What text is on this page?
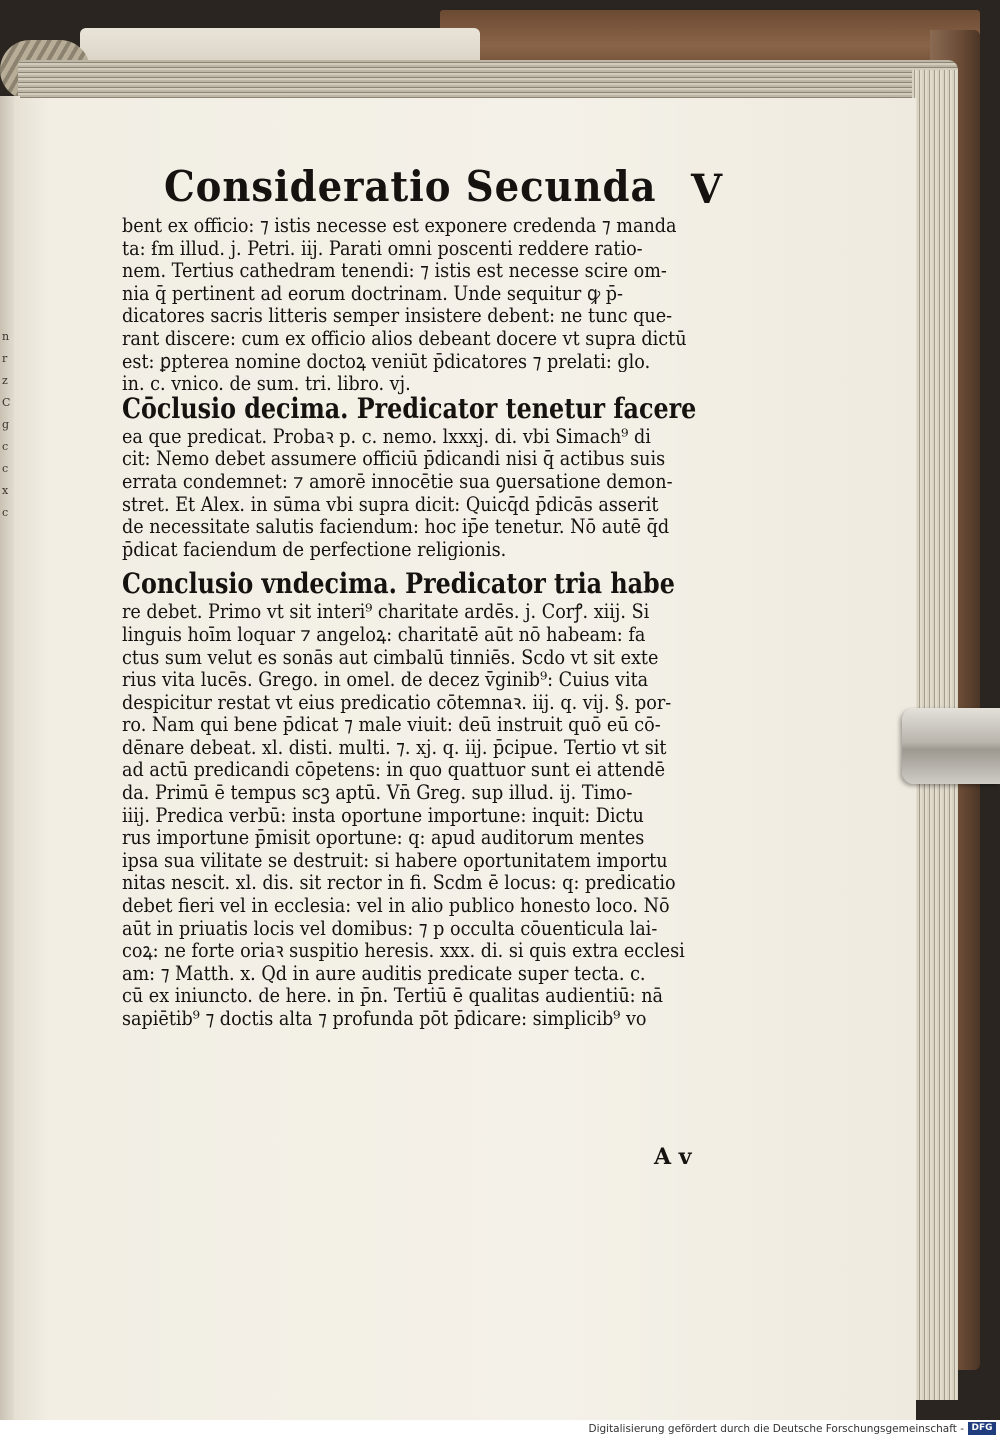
n
r
z
C
g
c
c
x
c
Consideratio Secunda V
bent ex officio: ⁊ istis necesse est exponere credenda ⁊ manda
ta: ẜm illud. j. Petri. iij. Parati omni poscenti reddere ratio-
nem. Tertius cathedram tenendi: ⁊ istis est necesse scire om-
nia q̄ pertinent ad eorum doctrinam. Unde sequitur ꝙ p̄-
dicatores sacris litteris semper insistere debent: ne tunc que-
rant discere: cum ex officio alios debeant docere vt supra dictū
est: ꝑpterea nomine doctoꝝ veniūt p̄dicatores ⁊ prelati: glo.
in. c. vnico. de sum. tri. libro. vj.
Cōclusio decima. Predicator tenetur facere
ea que predicat. Probaꝛ p. c. nemo. lxxxj. di. vbi Simach⁹ di
cit: Nemo debet assumere officiū p̄dicandi nisi q̄ actibus suis
errata condemnet: ⁊ amorē innocētie sua ꝯuersatione demon-
stret. Et Alex. in sūma vbi supra dicit: Quicq̄d p̄dicās asserit
de necessitate salutis faciendum: hoc ip̄e tenetur. Nō autē q̄d
p̄dicat faciendum de perfectione religionis.
Conclusio vndecima. Predicator tria habe
re debet. Primo vt sit interi⁹ charitate ardēs. j. Corꝭ. xiij. Si
linguis hoīm loquar ⁊ angeloꝝ: charitatē aūt nō habeam: fa
ctus sum velut es sonās aut cimbalū tinniēs. Scd̄o vt sit exte
rius vita lucēs. Grego. in omel. de decez v̄ginib⁹: Cuius vita
despicitur restat vt eius predicatio cōtemnaꝛ. iij. q. vij. §. por-
ro. Nam qui bene p̄dicat ⁊ male viuit: deū instruit quō eū cō-
dēnare debeat. xl. disti. multi. ⁊. xj. q. iij. p̄cipue. Tertio vt sit
ad actū predicandi cōpetens: in quo quattuor sunt ei attendē
da. Primū ē tempus scꝫ aptū. Vn̄ Greg. sup illud. ij. Timo-
iiij. Predica verbū: insta oportune importune: inquit: Dictu
rus importune p̄misit oportune: q: apud auditorum mentes
ipsa sua vilitate se destruit: si habere oportunitatem importu
nitas nescit. xl. dis. sit rector in fi. Scd̄m ē locus: q: predicatio
debet fieri vel in ecclesia: vel in alio publico honesto loco. Nō
aūt in priuatis locis vel domibus: ⁊ p occulta cōuenticula lai-
coꝝ: ne forte oriaꝛ suspitio heresis. xxx. di. si quis extra ecclesi
am: ⁊ Matth. x. Qd̄ in aure auditis predicate super tecta. c.
cū ex iniuncto. de here. in p̄n. Tertiū ē qualitas audientiū: nā
sapiētib⁹ ⁊ doctis alta ⁊ profunda pōt p̄dicare: simplicib⁹ vo
A v
Digitalisierung gefördert durch die Deutsche Forschungsgemeinschaft - DFG
